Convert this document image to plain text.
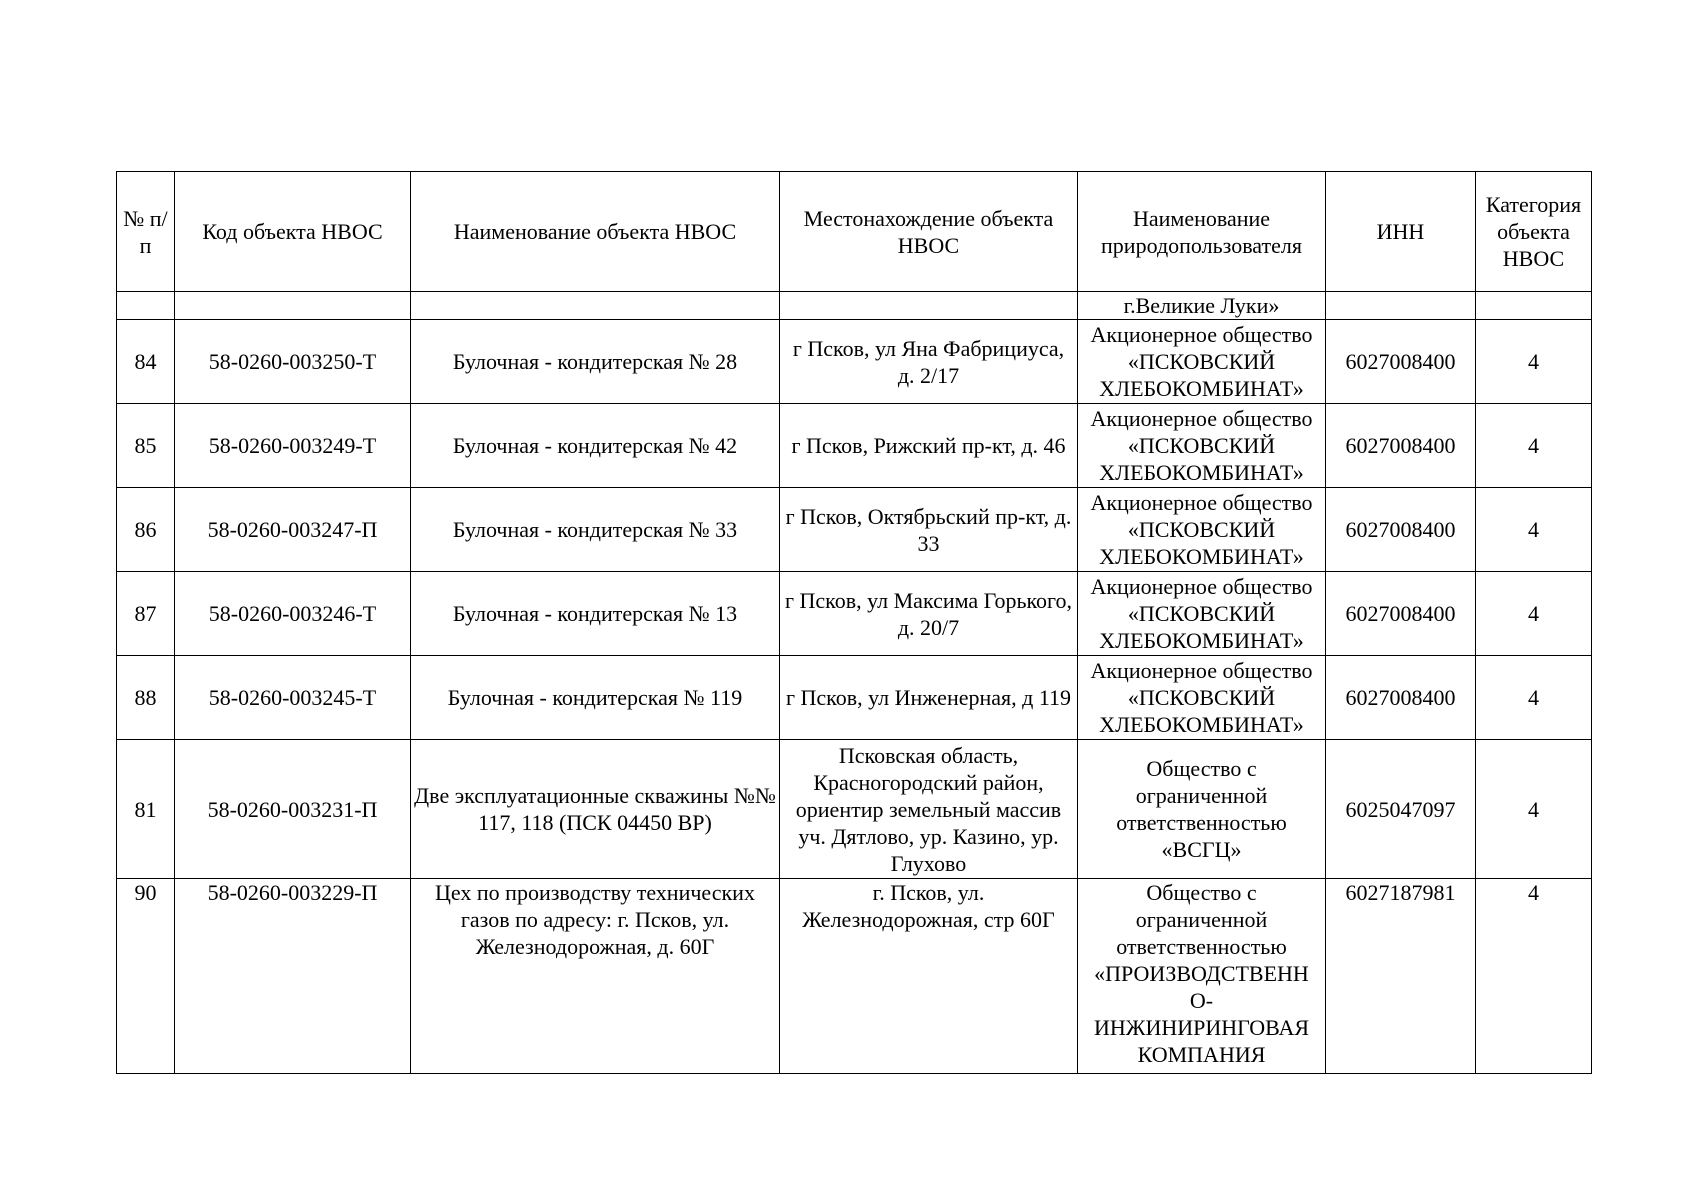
№ п/п	Код объекта НВОС	Наименование объекта НВОС	Местонахождение объекта НВОС	Наименование природопользователя	ИНН	Категория объекта НВОС
				г.Великие Луки»		
84	58-0260-003250-Т	Булочная - кондитерская № 28	г Псков, ул Яна Фабрициуса, д. 2/17	Акционерное общество «ПСКОВСКИЙ ХЛЕБОКОМБИНАТ»	6027008400	4
85	58-0260-003249-Т	Булочная - кондитерская № 42	г Псков, Рижский пр-кт, д. 46	Акционерное общество «ПСКОВСКИЙ ХЛЕБОКОМБИНАТ»	6027008400	4
86	58-0260-003247-П	Булочная - кондитерская № 33	г Псков, Октябрьский пр-кт, д. 33	Акционерное общество «ПСКОВСКИЙ ХЛЕБОКОМБИНАТ»	6027008400	4
87	58-0260-003246-Т	Булочная - кондитерская № 13	г Псков, ул Максима Горького, д. 20/7	Акционерное общество «ПСКОВСКИЙ ХЛЕБОКОМБИНАТ»	6027008400	4
88	58-0260-003245-Т	Булочная - кондитерская № 119	г Псков, ул Инженерная, д 119	Акционерное общество «ПСКОВСКИЙ ХЛЕБОКОМБИНАТ»	6027008400	4
81	58-0260-003231-П	Две эксплуатационные скважины №№ 117, 118 (ПСК 04450 ВР)	Псковская область, Красногородский район, ориентир земельный массив уч. Дятлово, ур. Казино, ур. Глухово	Общество с ограниченной ответственностью «ВСГЦ»	6025047097	4
90	58-0260-003229-П	Цех по производству технических газов по адресу: г. Псков, ул. Железнодорожная, д. 60Г	г. Псков, ул. Железнодорожная, стр 60Г	Общество с ограниченной ответственностью «ПРОИЗВОДСТВЕНН О- ИНЖИНИРИНГОВАЯ КОМПАНИЯ	6027187981	4
